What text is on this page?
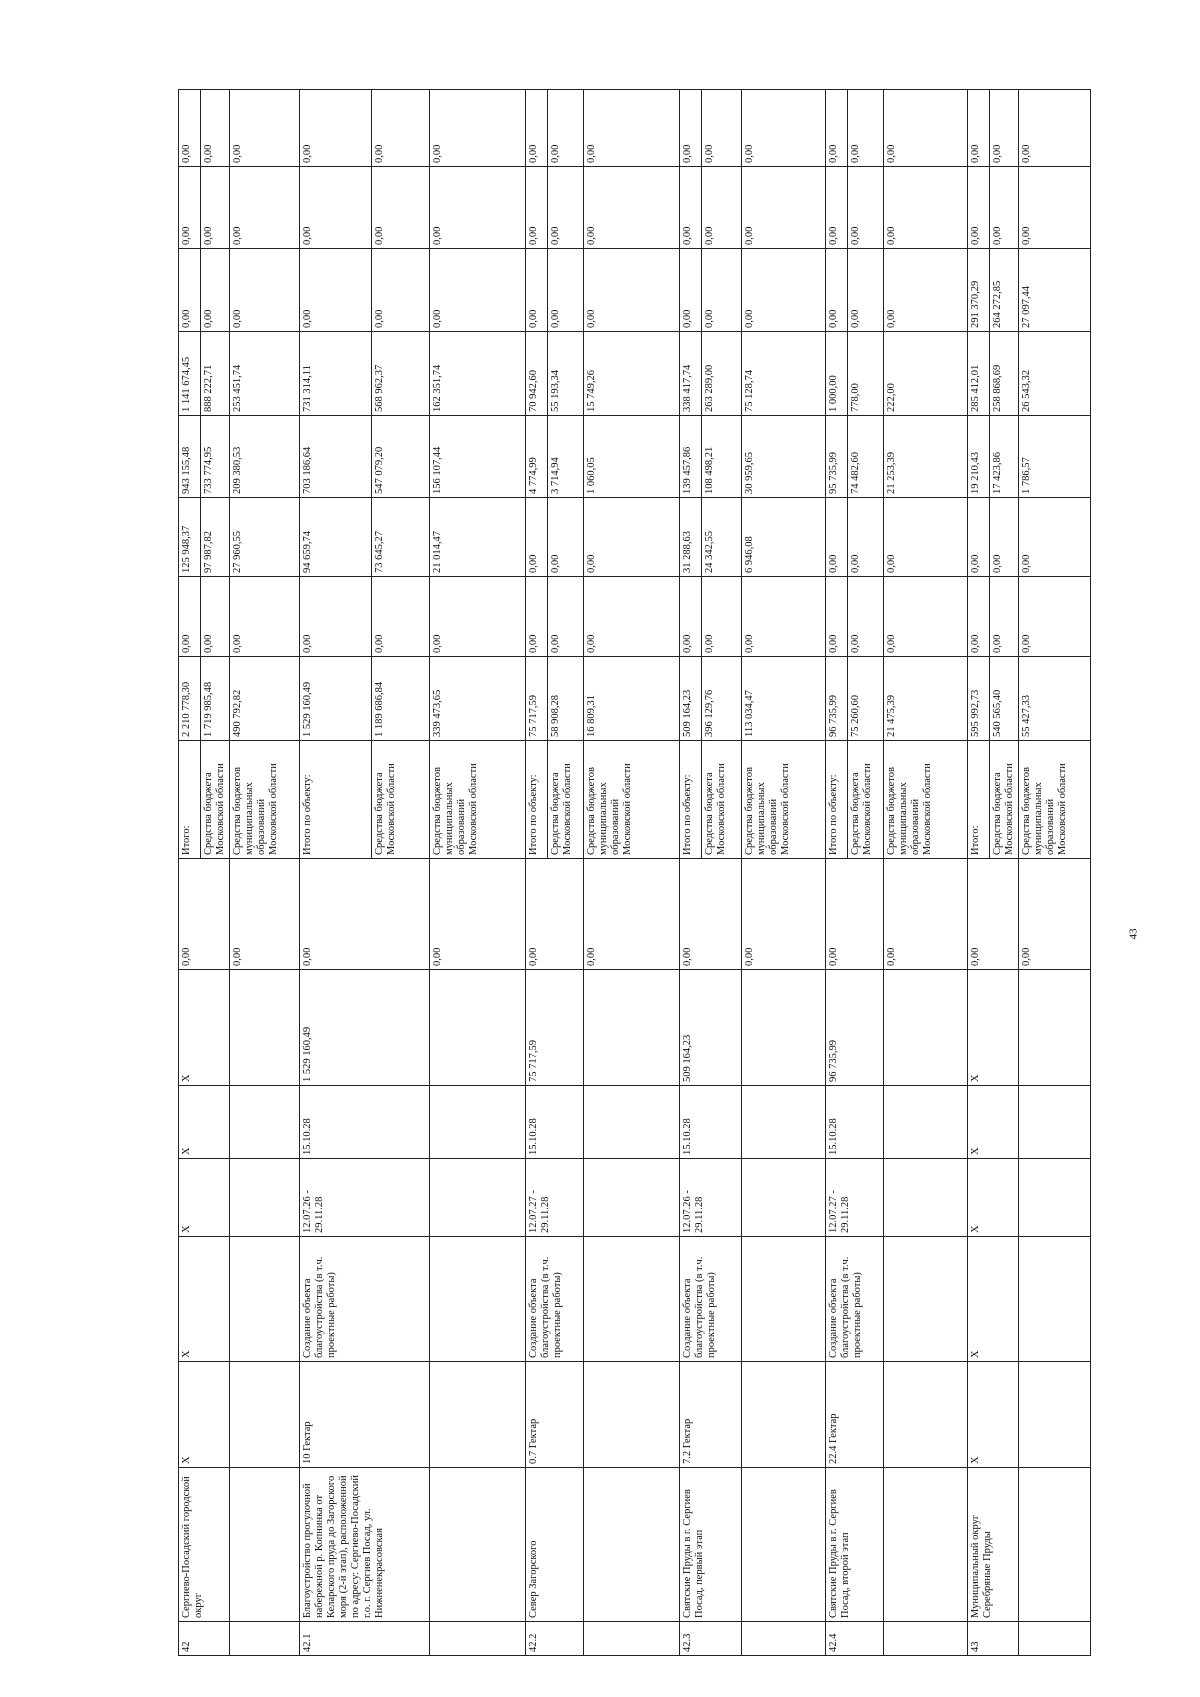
42	Сергиево-Посадский городской округ	Х	Х	Х	Х	Х	0,00	Итого:	2 210 778,30	0,00	125 948,37	943 155,48	1 141 674,45	0,00	0,00	0,00
								Средства бюджета Московской области	1 719 985,48	0,00	97 987,82	733 774,95	888 222,71	0,00	0,00	0,00
							0,00	Средства бюджетов муниципальных образований Московской области	490 792,82	0,00	27 960,55	209 380,53	253 451,74	0,00	0,00	0,00
42.1	Благоустройство прогулочной набережной р. Копнинка от Келарского пруда до Загорского моря (2-й этап), расположенной по адресу: Сергиево-Посадский г.о. г. Сергиев Посад, ул. Нижненекрасовская	10 Гектар	Создание объекта благоустройства (в т.ч. проектные работы)	12.07.26 - 29.11.28	15.10.28	1 529 160,49	0,00	Итого по объекту:	1 529 160,49	0,00	94 659,74	703 186,64	731 314,11	0,00	0,00	0,00
								Средства бюджета Московской области	1 189 686,84	0,00	73 645,27	547 079,20	568 962,37	0,00	0,00	0,00
							0,00	Средства бюджетов муниципальных образований Московской области	339 473,65	0,00	21 014,47	156 107,44	162 351,74	0,00	0,00	0,00
42.2	Север Загорского	0.7 Гектар	Создание объекта благоустройства (в т.ч. проектные работы)	12.07.27 - 29.11.28	15.10.28	75 717,59	0,00	Итого по объекту:	75 717,59	0,00	0,00	4 774,99	70 942,60	0,00	0,00	0,00
								Средства бюджета Московской области	58 908,28	0,00	0,00	3 714,94	55 193,34	0,00	0,00	0,00
							0,00	Средства бюджетов муниципальных образований Московской области	16 809,31	0,00	0,00	1 060,05	15 749,26	0,00	0,00	0,00
42.3	Святские Пруды в г. Сергиев Посад, первый этап	7.2 Гектар	Создание объекта благоустройства (в т.ч. проектные работы)	12.07.26 - 29.11.28	15.10.28	509 164,23	0,00	Итого по объекту:	509 164,23	0,00	31 288,63	139 457,86	338 417,74	0,00	0,00	0,00
								Средства бюджета Московской области	396 129,76	0,00	24 342,55	108 498,21	263 289,00	0,00	0,00	0,00
							0,00	Средства бюджетов муниципальных образований Московской области	113 034,47	0,00	6 946,08	30 959,65	75 128,74	0,00	0,00	0,00
42.4	Святские Пруды в г. Сергиев Посад, второй этап	22.4 Гектар	Создание объекта благоустройства (в т.ч. проектные работы)	12.07.27 - 29.11.28	15.10.28	96 735,99	0,00	Итого по объекту:	96 735,99	0,00	0,00	95 735,99	1 000,00	0,00	0,00	0,00
								Средства бюджета Московской области	75 260,60	0,00	0,00	74 482,60	778,00	0,00	0,00	0,00
							0,00	Средства бюджетов муниципальных образований Московской области	21 475,39	0,00	0,00	21 253,39	222,00	0,00	0,00	0,00
43	Муниципальный округ Серебряные Пруды	Х	Х	Х	Х	Х	0,00	Итого:	595 992,73	0,00	0,00	19 210,43	285 412,01	291 370,29	0,00	0,00
								Средства бюджета Московской области	540 565,40	0,00	0,00	17 423,86	258 868,69	264 272,85	0,00	0,00
							0,00	Средства бюджетов муниципальных образований Московской области	55 427,33	0,00	0,00	1 786,57	26 543,32	27 097,44	0,00	0,00
43
